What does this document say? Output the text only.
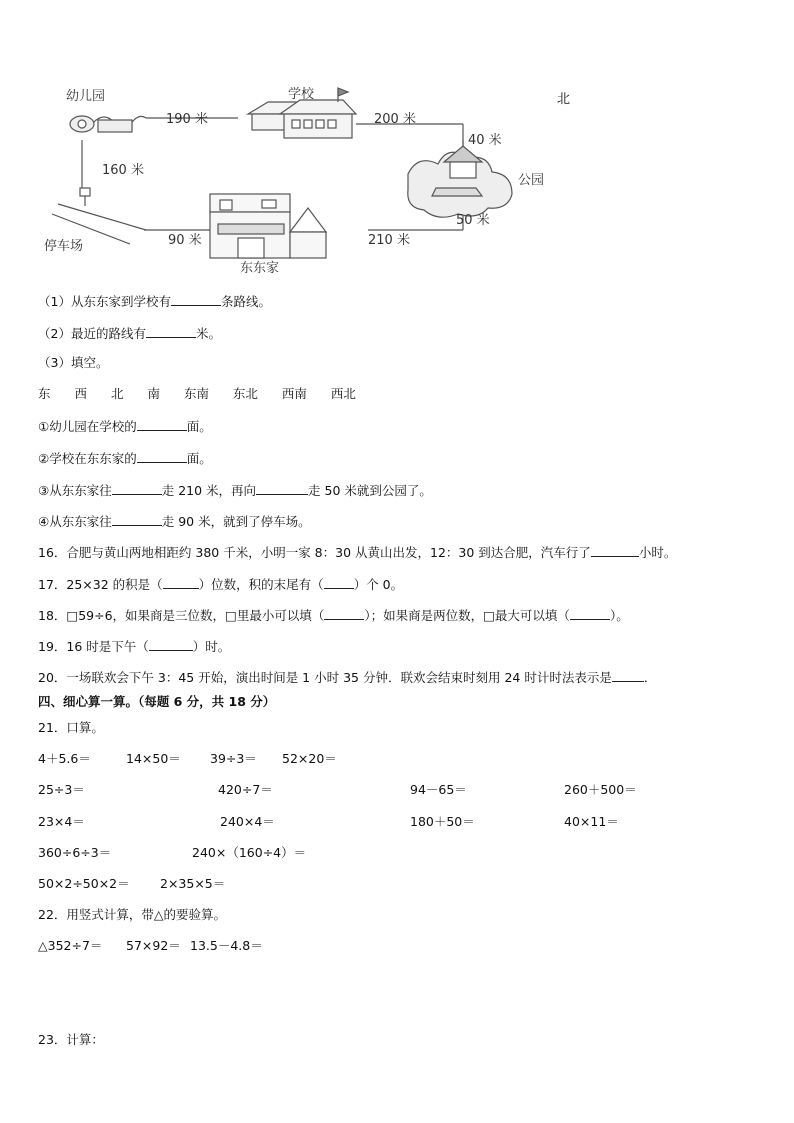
幼儿园	学校
公园
停车场
东东家
190 米	200 米
40 米
160 米
90 米	210 米
50 米
北
（1）从东东家到学校有	条路线。
（2）最近的路线有	米。
（3）填空。
东 西 北 南 东南 东北 西南 西北
①幼儿园在学校的	面。
②学校在东东家的	面。
③从东东家往	走 210 米，再向	走 50 米就到公园了。
④从东东家往	走 90 米，就到了停车场。
16．合肥与黄山两地相距约 380 千米，小明一家 8：30 从黄山出发，12：30 到达合肥，汽车行了	小时。
17．25×32 的积是（	）位数，积的末尾有（ ）个 0。
18．□59÷6，如果商是三位数，□里最小可以填（	）；如果商是两位数，□最大可以填（	）。
19．16 时是下午（	）时。
20．一场联欢会下午 3：45 开始，演出时间是 1 小时 35 分钟．联欢会结束时刻用 24 时计时法表示是	．
四、细心算一算。（每题 6 分，共 18 分）
21．口算。
4＋5.6＝	14×50＝ 39÷3＝ 52×20＝
25÷3＝	420÷7＝	94－65＝	260＋500＝
23×4＝	240×4＝	180＋50＝	40×11＝
360÷6÷3＝	240×（160÷4）＝
50×2÷50×2＝ 2×35×5＝
22．用竖式计算，带△的要验算。
△352÷7＝ 57×92＝ 13.5－4.8＝
23．计算：
